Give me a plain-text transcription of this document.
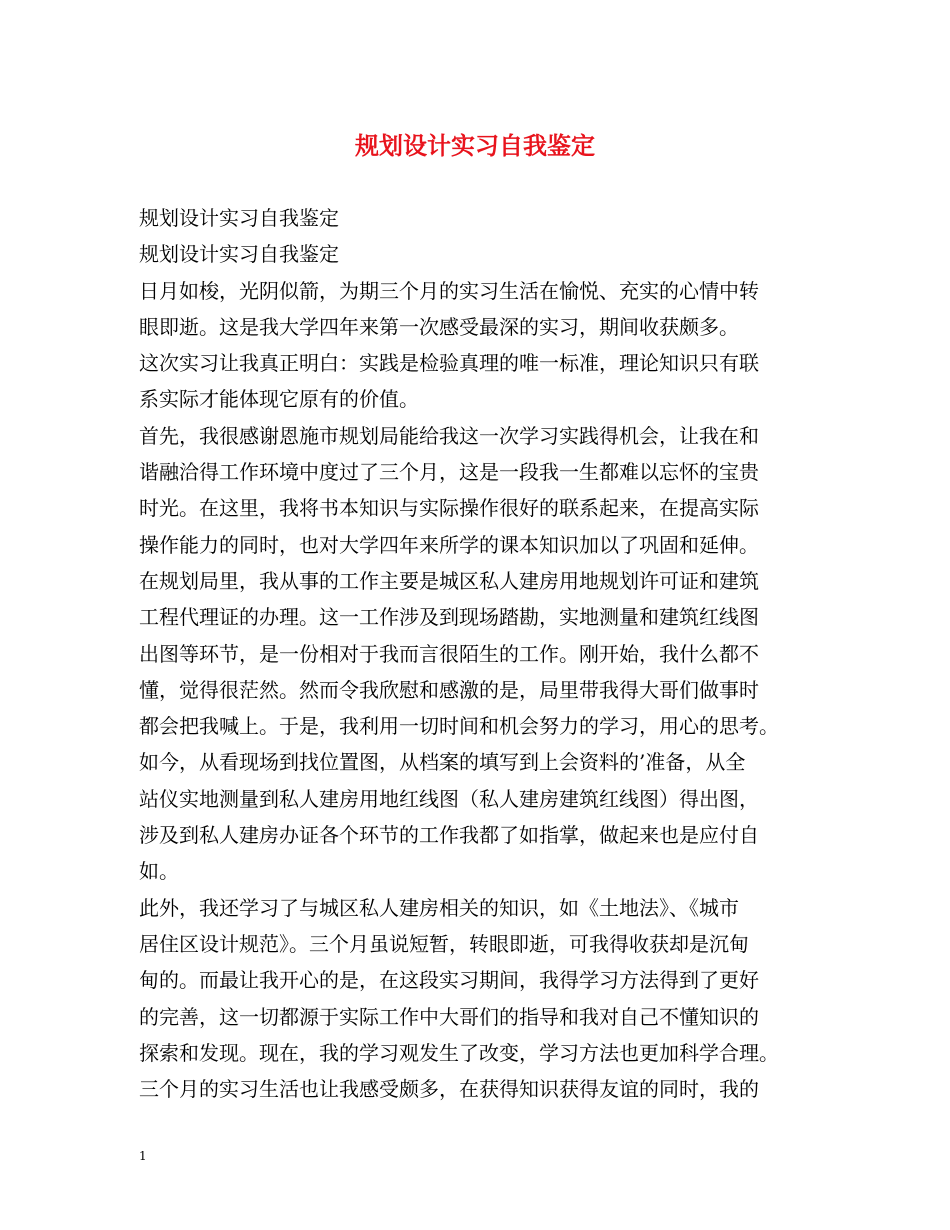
规划设计实习自我鉴定
规划设计实习自我鉴定
规划设计实习自我鉴定
日月如梭，光阴似箭，为期三个月的实习生活在愉悦、充实的心情中转
眼即逝。这是我大学四年来第一次感受最深的实习，期间收获颇多。
这次实习让我真正明白：实践是检验真理的唯一标准，理论知识只有联
系实际才能体现它原有的价值。
首先，我很感谢恩施市规划局能给我这一次学习实践得机会，让我在和
谐融洽得工作环境中度过了三个月，这是一段我一生都难以忘怀的宝贵
时光。在这里，我将书本知识与实际操作很好的联系起来，在提高实际
操作能力的同时，也对大学四年来所学的课本知识加以了巩固和延伸。
在规划局里，我从事的工作主要是城区私人建房用地规划许可证和建筑
工程代理证的办理。这一工作涉及到现场踏勘，实地测量和建筑红线图
出图等环节，是一份相对于我而言很陌生的工作。刚开始，我什么都不
懂，觉得很茫然。然而令我欣慰和感激的是，局里带我得大哥们做事时
都会把我喊上。于是，我利用一切时间和机会努力的学习，用心的思考。
如今，从看现场到找位置图，从档案的填写到上会资料的’准备，从全
站仪实地测量到私人建房用地红线图（私人建房建筑红线图）得出图，
涉及到私人建房办证各个环节的工作我都了如指掌，做起来也是应付自
如。
此外，我还学习了与城区私人建房相关的知识，如《土地法》、《城市
居住区设计规范》。三个月虽说短暂，转眼即逝，可我得收获却是沉甸
甸的。而最让我开心的是，在这段实习期间，我得学习方法得到了更好
的完善，这一切都源于实际工作中大哥们的指导和我对自己不懂知识的
探索和发现。现在，我的学习观发生了改变，学习方法也更加科学合理。
三个月的实习生活也让我感受颇多，在获得知识获得友谊的同时，我的
1
